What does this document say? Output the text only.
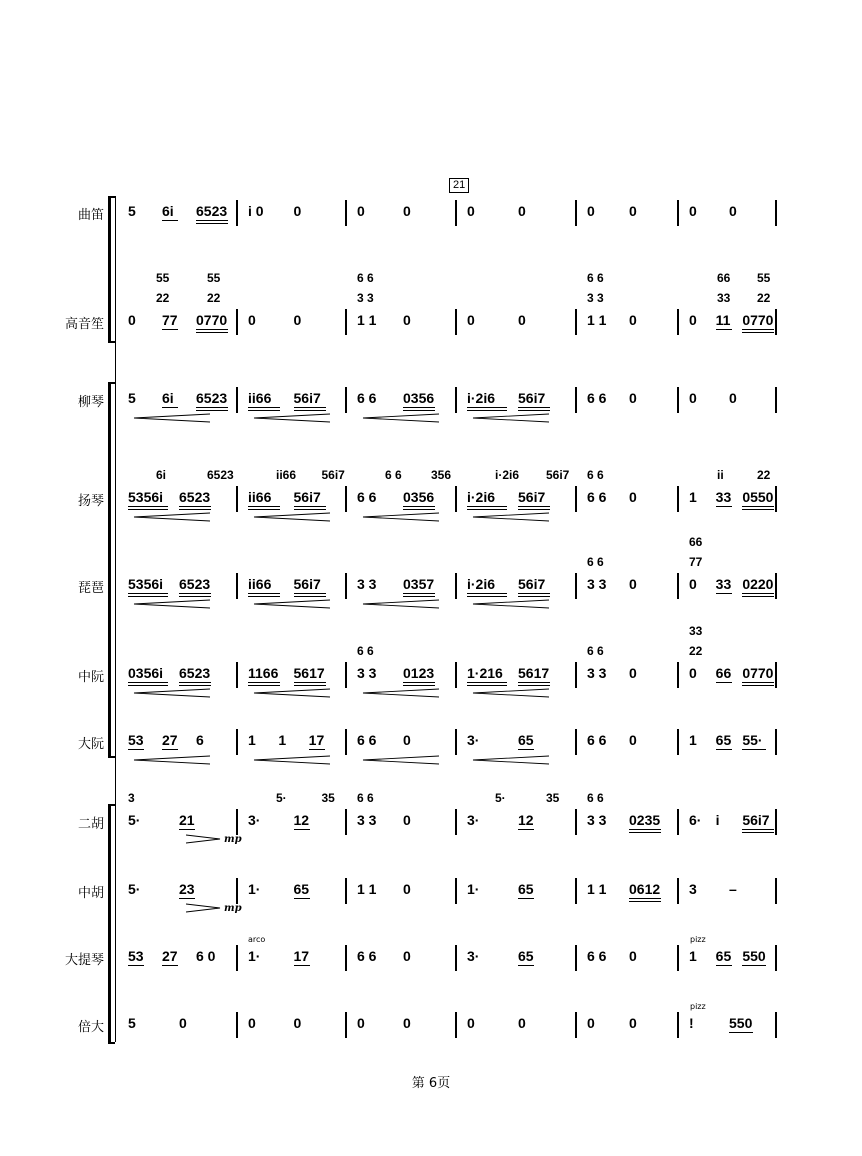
21
曲笛
高音笙
柳琴
扬琴
琵琶
中阮
大阮
二胡
中胡
大提琴
倍大
5 6i 6523 i 0 0	0	0	0	0	0 0	0 0
0 77 0770 0	0	1 1 0	0	0	1 1 0	0 11 0770
55	55
22	22
6 6
3 3
6 6
3 3
66 55
33 22
5 6i 6523 ii66 56i7	6 6 0356 i·2i6 56i7	6 6 0	0 0
5356i 6523	ii66 56i7	6 6 0356 i·2i6 56i7	6 6 0	1 33 0550
6i	6523	ii66 56i7	6 6 356	i·2i6 56i7 6 6	ii	22
5356i 6523	ii66 56i7	3 3 0357 i·2i6 56i7	3 3 0	0 33 0220
6 6
66
77
0356i 6523	1166 5617 3 3 0123 1·216 5617	3 3 0	0 66 0770
6 6	6 6
33
22
53 27 6	1 1 17 6 6 0	3·	65	6 6 0	1 65 55·
5·	21	3· 12	3 3 0	3·	12	3 3 0235 6· i 56i7
3	5·	35 6 6	5·	35 6 6
mp
5·	23	1· 65	1 1 0	1·	65	1 1 0612 3 –
mp
53 27 6 0 1· 17	6 6 0	3·	65	6 6 0	1 65 550
arco	pizz
5	0	0	0	0	0	0	0	0 0	!	550
pizz
第 6页
